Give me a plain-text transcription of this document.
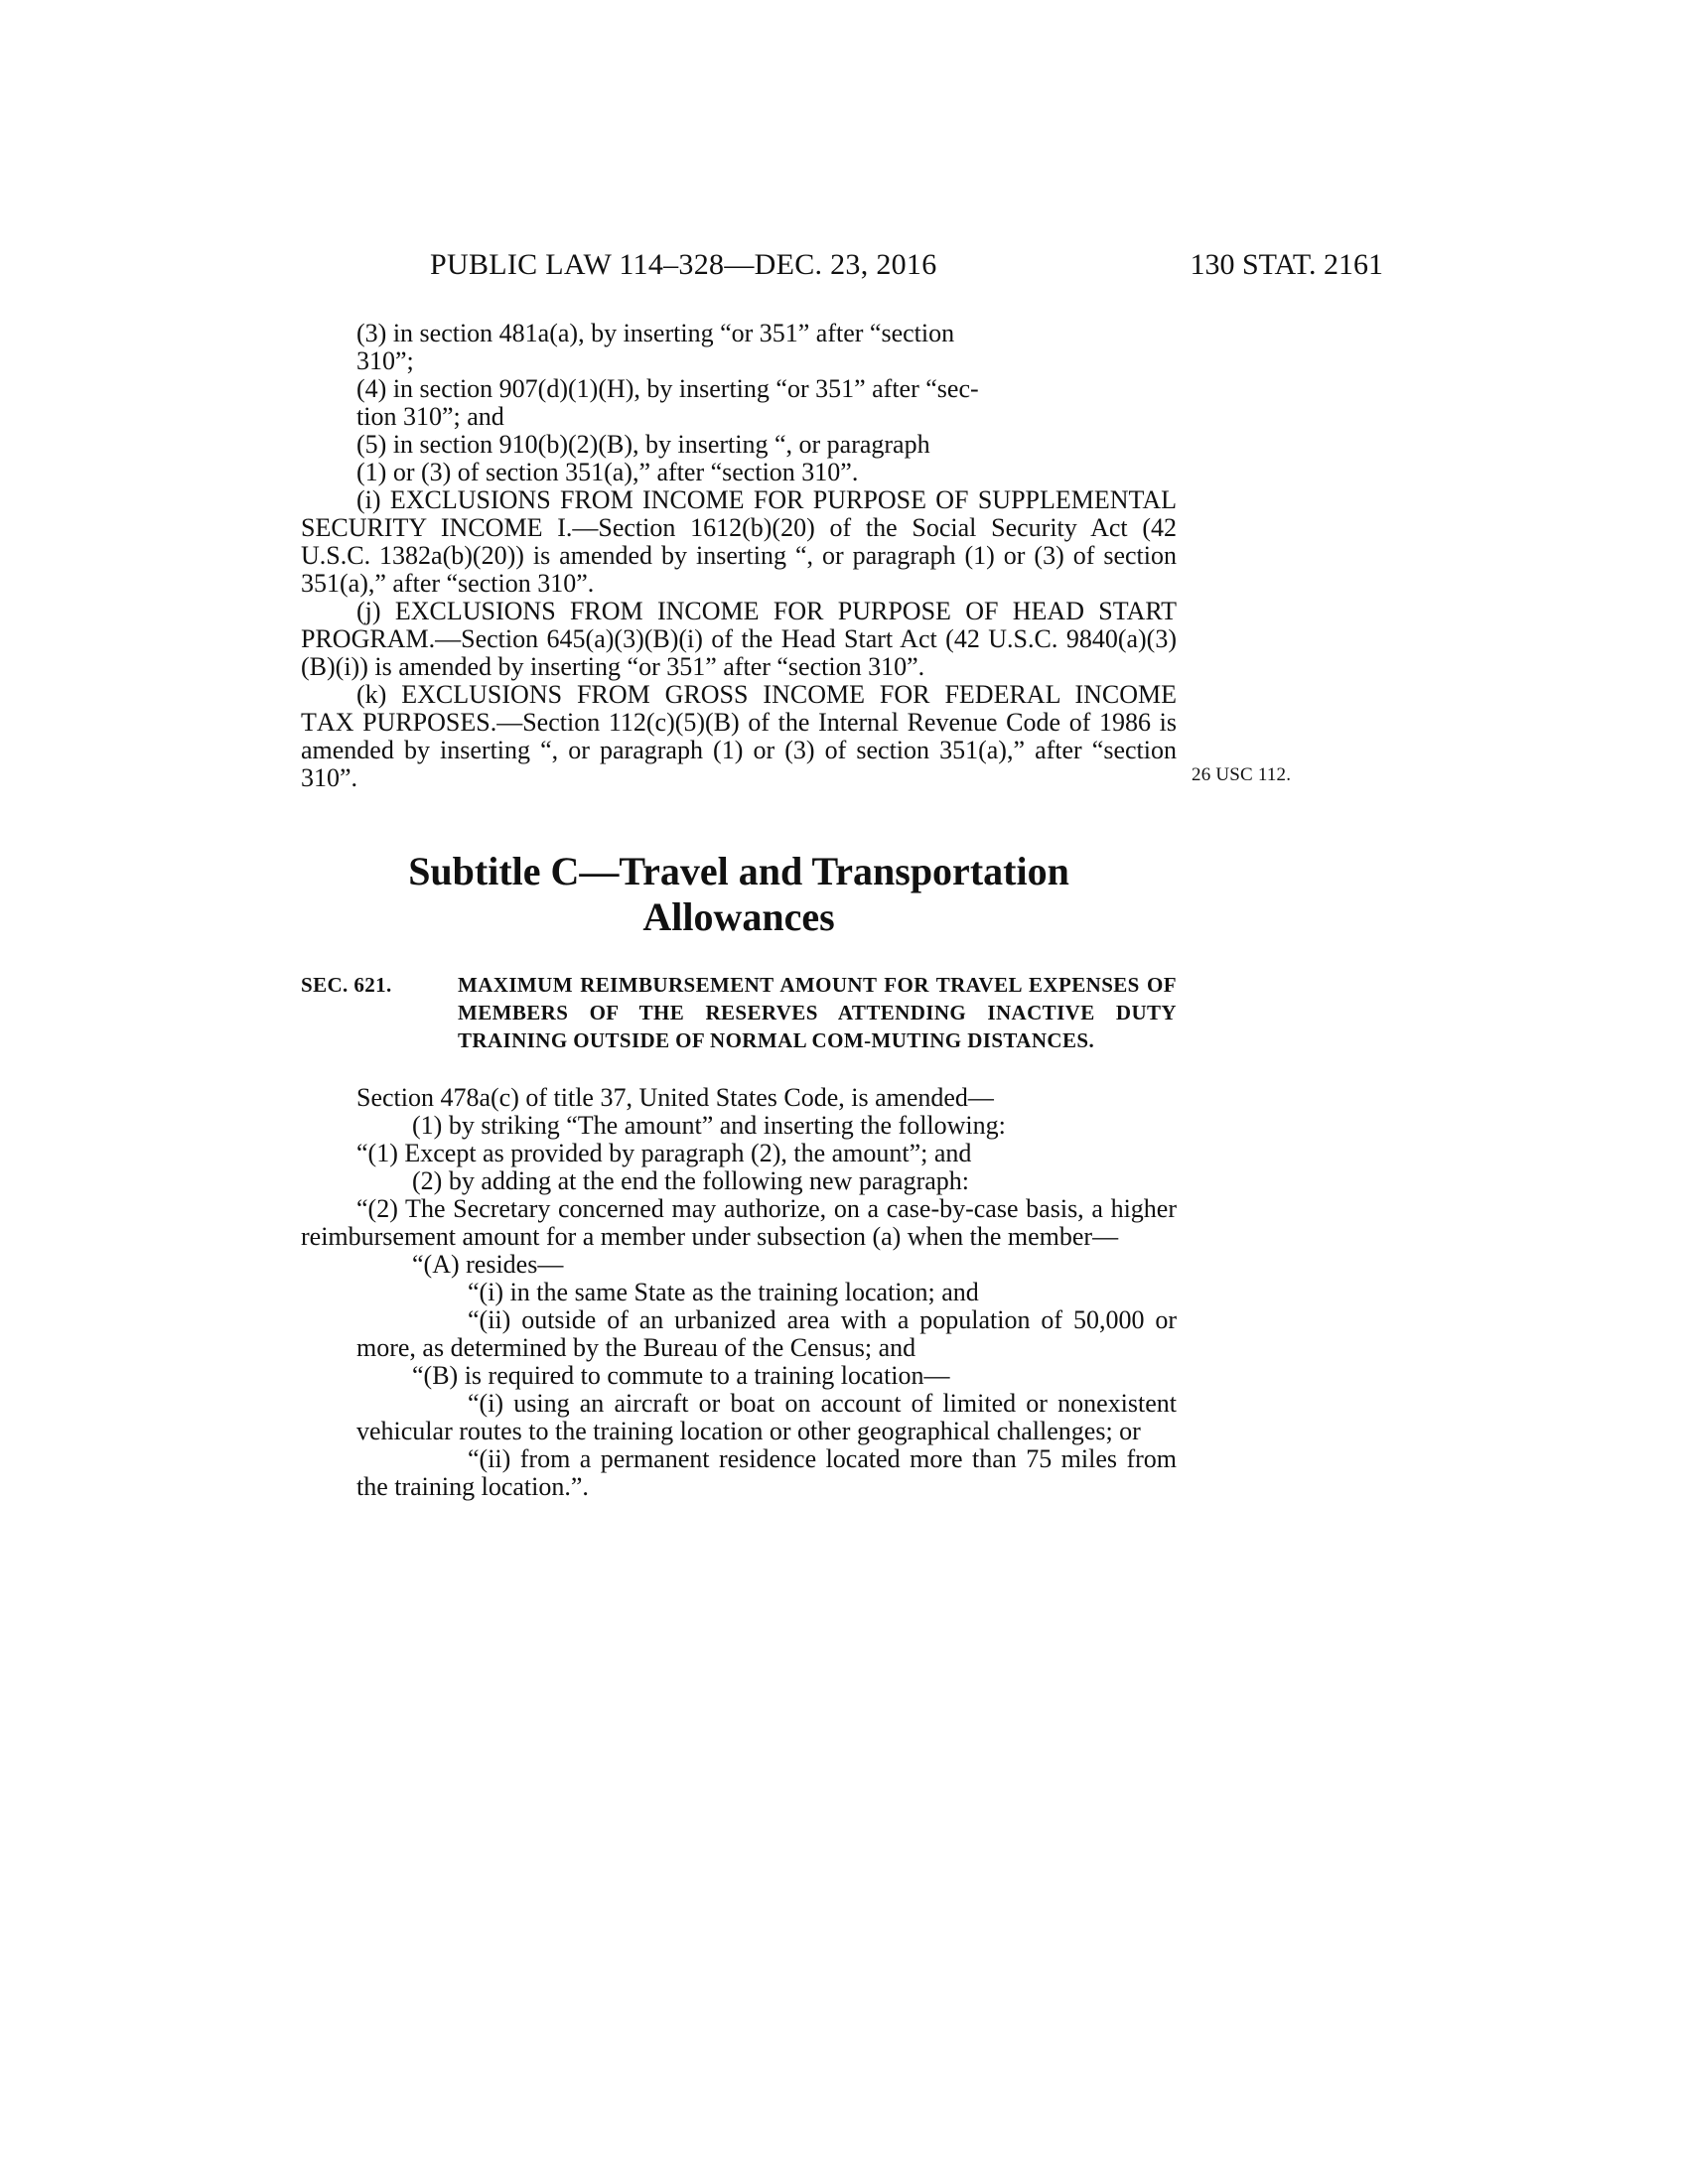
PUBLIC LAW 114–328—DEC. 23, 2016	130 STAT. 2161

(3) in section 481a(a), by inserting “or 351” after “section

310”;

(4) in section 907(d)(1)(H), by inserting “or 351” after “sec-

tion 310”; and

(5) in section 910(b)(2)(B), by inserting “, or paragraph

(1) or (3) of section 351(a),” after “section 310”.

(i) EXCLUSIONS FROM INCOME FOR PURPOSE OF SUPPLEMENTAL SECURITY INCOME I.—Section 1612(b)(20) of the Social Security Act (42 U.S.C. 1382a(b)(20)) is amended by inserting “, or paragraph (1) or (3) of section 351(a),” after “section 310”.

(j) EXCLUSIONS FROM INCOME FOR PURPOSE OF HEAD START PROGRAM.—Section 645(a)(3)(B)(i) of the Head Start Act (42 U.S.C. 9840(a)(3)(B)(i)) is amended by inserting “or 351” after “section 310”.

(k) EXCLUSIONS FROM GROSS INCOME FOR FEDERAL INCOME TAX PURPOSES.—Section 112(c)(5)(B) of the Internal Revenue Code of 1986 is amended by inserting “, or paragraph (1) or (3) of section 351(a),” after “section 310”.	26 USC 112.
Subtitle C—Travel and Transportation
Allowances
SEC. 621.	MAXIMUM REIMBURSEMENT AMOUNT FOR TRAVEL EXPENSES OF MEMBERS OF THE RESERVES ATTENDING INACTIVE DUTY TRAINING OUTSIDE OF NORMAL COM-MUTING DISTANCES.

Section 478a(c) of title 37, United States Code, is amended—

(1) by striking “The amount” and inserting the following:

“(1) Except as provided by paragraph (2), the amount”; and

(2) by adding at the end the following new paragraph:

“(2) The Secretary concerned may authorize, on a case-by-case basis, a higher reimbursement amount for a member under subsection (a) when the member—

“(A) resides—

“(i) in the same State as the training location; and

“(ii) outside of an urbanized area with a population of 50,000 or more, as determined by the Bureau of the Census; and

“(B) is required to commute to a training location—

“(i) using an aircraft or boat on account of limited or nonexistent vehicular routes to the training location or other geographical challenges; or

“(ii) from a permanent residence located more than 75 miles from the training location.”.
